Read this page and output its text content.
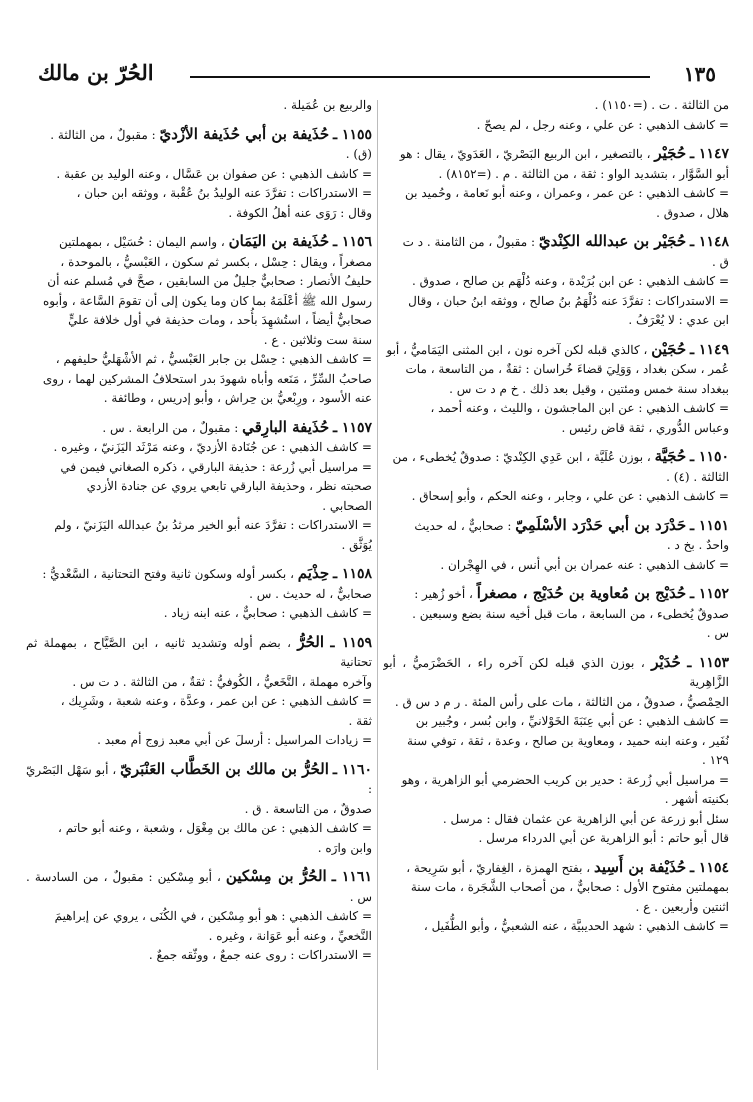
الحُرّ بن مالك	١٣٥

من الثالثة . ت . (=١١٥٠) .

= كاشف الذهبي : عن علي ، وعنه رجل ، لم يصحّ .

١١٤٧ ـ حُجَيْر ، بالتصغير ، ابن الربيع البَصْريّ ، العَدَويّ ، يقال : هو

أبو السَّوَّار ، بتشديد الواو : ثقة ، من الثالثة . م . (=٨١٥٢) .

= كاشف الذهبي : عن عمر ، وعمران ، وعنه أبو نَعامة ، وحُميد بن

هلال ، صدوق .

١١٤٨ ـ حُجَيْر بن عبدالله الكِنْديّ : مقبولٌ ، من الثامنة . د ت

ق .

= كاشف الذهبي : عن ابن بُرَيْدة ، وعنه دُلْهَم بن صالح ، صدوق .

= الاستدراكات : تفرَّدَ عنه دُلْهَمُ بنُ صالح ، ووثقه ابنُ حبان ، وقال

ابن عدي : لا يُعْرَفُ .

١١٤٩ ـ حُجَيْن ، كالذي قبله لكن آخره نون ، ابن المثنى اليَمَاميُّ ، أبو

عُمر ، سكن بغداد ، وَوَلِيَ قضاءَ خُراسان : ثقةٌ ، من التاسعة ، مات

ببغداد سنة خمس ومئتين ، وقيل بعد ذلك . خ م د ت س .

= كاشف الذهبي : عن ابن الماجشون ، والليث ، وعنه أحمد ،

وعباس الدُّوري ، ثقة قاض رئيس .

١١٥٠ ـ حُجَيَّة ، بوزن عُلَيَّة ، ابن عَدِي الكِنْديّ : صدوقٌ يُخطىء ، من

الثالثة . (٤) .

= كاشف الذهبي : عن علي ، وجابر ، وعنه الحكم ، وأبو إسحاق .

١١٥١ ـ حَدْرَد بن أبي حَدْرَد الأسْلَمِيّ : صحابيٌّ ، له حديث

واحدٌ . بخ د .

= كاشف الذهبي : عنه عمران بن أبي أنس ، في الهِجْران .

١١٥٢ ـ حُدَيْج بن مُعاوية بن حُدَيْج ، مصغراً ، أخو زُهير :

صدوقٌ يُخطىء ، من السابعة ، مات قبل أخيه سنة بضع وسبعين .

س .

١١٥٣ ـ حُدَيْر ، بوزن الذي قبله لكن آخره راء ، الحَضْرَميُّ ، أبو الزَّاهِرية

الحِمْصيُّ ، صدوقٌ ، من الثالثة ، مات على رأس المئة . ر م د س ق .

= كاشف الذهبي : عن أبي عِنَبَةَ الخَوْلانيِّ ، وابن بُسر ، وجُبير بن

نُفَير ، وعنه ابنه حميد ، ومعاوية بن صالح ، وعدة ، ثقة ، توفي سنة

١٢٩ .

= مراسيل أبي زُرعة : حدير بن كريب الحضرمي أبو الزاهرية ، وهو

بكنيته أشهر .

سئل أبو زرعة عن أبي الزاهرية عن عثمان فقال : مرسل .

قال أبو حاتم : أبو الزاهرية عن أبي الدرداء مرسل .

١١٥٤ ـ حُذَيْفة بن أَسِيد ، بفتح الهمزة ، الغِفاريّ ، أبو سَرِيحة ،

بمهملتين مفتوح الأول : صحابيٌّ ، من أصحاب الشَّجَرة ، مات سنة

اثنتين وأربعين . ع .

= كاشف الذهبي : شهد الحديبيَّة ، عنه الشعبيُّ ، وأبو الطُّفَيل ،

والربيع بن عُمَيلة .

١١٥٥ ـ حُذَيفة بن أبي حُذَيفة الأزْديّ : مقبولٌ ، من الثالثة .

(ق) .

= كاشف الذهبي : عن صفوان بن عَسَّال ، وعنه الوليد بن عقبة .

= الاستدراكات : تفرَّدَ عنه الوليدُ بنُ عُقْبة ، ووثقه ابن حبان ،

وقال : رَوَى عنه أهلُ الكوفة .

١١٥٦ ـ حُذَيفة بن اليَمَان ، واسم اليمان : حُسَيْل ، بمهملتين

مصغراً ، ويقال : حِسْل ، بكسر ثم سكون ، العَبْسيُّ ، بالموحدة ،

حليفُ الأنصار : صحابيٌّ جليلٌ من السابقين ، صحَّ في مُسلم عنه أن

رسول الله ﷺ أعْلَمَهُ بما كان وما يكون إلى أن تقومَ السَّاعة ، وأبوه

صحابيٌّ أيضاً ، استُشهِدَ بأُحد ، ومات حذيفة في أول خلافة عليٍّ

سنة ست وثلاثين . ع .

= كاشف الذهبي : حِسْل بن جابر العَبْسيُّ ، ثم الأشْهَليُّ حليفهم ،

صاحبُ السِّرِّ ، مَنَعه وأباه شهودَ بدر استحلافُ المشركين لهما ، روى

عنه الأسود ، ورِبْعيُّ بن حِراش ، وأبو إدريس ، وطائفة .

١١٥٧ ـ حُذَيفة البارِقي : مقبولٌ ، من الرابعة . س .

= كاشف الذهبي : عن جُنَادة الأزديّ ، وعنه مَرْثَد اليَزَنيّ ، وغيره .

= مراسيل أبي زُرعة : حذيفة البارقي ، ذكره الصغاني فيمن في

صحبته نظر ، وحذيفة البارقي تابعي يروي عن جنادة الأزدي

الصحابي .

= الاستدراكات : تفرَّدَ عنه أبو الخير مرثدُ بنُ عبدالله اليَزَنيّ ، ولم

يُوَثَّق .

١١٥٨ ـ حِذْيَم ، بكسر أوله وسكون ثانية وفتح التحتانية ، السَّعْديُّ :

صحابيٌّ ، له حديث . س .

= كاشف الذهبي : صحابيٌّ ، عنه ابنه زياد .

١١٥٩ ـ الحُرُّ ، بضم أوله وتشديد ثانيه ، ابن الصَّيَّاح ، بمهملة ثم تحتانية

وآخره مهملة ، النَّخَعيُّ ، الكُوفيُّ : ثقةٌ ، من الثالثة . د ت س .

= كاشف الذهبي : عن ابن عمر ، وعدَّة ، وعنه شعبة ، وشَرِيك ،

ثقة .

= زيادات المراسيل : أرسلَ عن أبي معبد زوج أم معبد .

١١٦٠ ـ الحُرُّ بن مالك بن الخَطَّاب العَنْبَريّ ، أبو سَهْل البَصْريّ :

صدوقٌ ، من التاسعة . ق .

= كاشف الذهبي : عن مالك بن مِغْوَل ، وشعبة ، وعنه أبو حاتم ،

وابن وارَه .

١١٦١ ـ الحُرُّ بن مِسْكين ، أبو مِسْكين : مقبولٌ ، من السادسة . س .

= كاشف الذهبي : هو أبو مِسْكين ، في الكُنَى ، يروي عن إبراهيمَ

النَّخعيِّ ، وعنه أبو عَوَانة ، وغيره .

= الاستدراكات : روى عنه جمعٌ ، ووثّقه جمعٌ .
